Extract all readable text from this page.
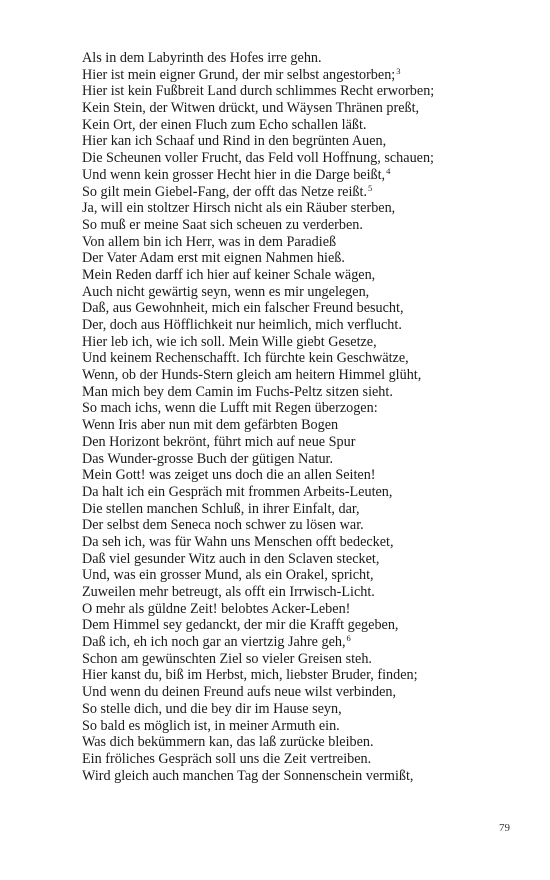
Als in dem Labyrinth des Hofes irre gehn.
Hier ist mein eigner Grund, der mir selbst angestorben;$^3$
Hier ist kein Fußbreit Land durch schlimmes Recht erworben;
Kein Stein, der Witwen drückt, und Wäysen Thränen preßt,
Kein Ort, der einen Fluch zum Echo schallen läßt.
Hier kan ich Schaaf und Rind in den begrünten Auen,
Die Scheunen voller Frucht, das Feld voll Hoffnung, schauen;
Und wenn kein grosser Hecht hier in die Darge beißt,$^4$
So gilt mein Giebel-Fang, der offt das Netze reißt.$^5$
Ja, will ein stoltzer Hirsch nicht als ein Räuber sterben,
So muß er meine Saat sich scheuen zu verderben.
Von allem bin ich Herr, was in dem Paradieß
Der Vater Adam erst mit eignen Nahmen hieß.
Mein Reden darff ich hier auf keiner Schale wägen,
Auch nicht gewärtig seyn, wenn es mir ungelegen,
Daß, aus Gewohnheit, mich ein falscher Freund besucht,
Der, doch aus Höfflichkeit nur heimlich, mich verflucht.
Hier leb ich, wie ich soll. Mein Wille giebt Gesetze,
Und keinem Rechenschafft. Ich fürchte kein Geschwätze,
Wenn, ob der Hunds-Stern gleich am heitern Himmel glüht,
Man mich bey dem Camin im Fuchs-Peltz sitzen sieht.
So mach ichs, wenn die Lufft mit Regen überzogen:
Wenn Iris aber nun mit dem gefärbten Bogen
Den Horizont bekrönt, führt mich auf neue Spur
Das Wunder-grosse Buch der gütigen Natur.
Mein Gott! was zeiget uns doch die an allen Seiten!
Da halt ich ein Gespräch mit frommen Arbeits-Leuten,
Die stellen manchen Schluß, in ihrer Einfalt, dar,
Der selbst dem Seneca noch schwer zu lösen war.
Da seh ich, was für Wahn uns Menschen offt bedecket,
Daß viel gesunder Witz auch in den Sclaven stecket,
Und, was ein grosser Mund, als ein Orakel, spricht,
Zuweilen mehr betreugt, als offt ein Irrwisch-Licht.
O mehr als güldne Zeit! belobtes Acker-Leben!
Dem Himmel sey gedanckt, der mir die Krafft gegeben,
Daß ich, eh ich noch gar an viertzig Jahre geh,$^6$
Schon am gewünschten Ziel so vieler Greisen steh.
Hier kanst du, biß im Herbst, mich, liebster Bruder, finden;
Und wenn du deinen Freund aufs neue wilst verbinden,
So stelle dich, und die bey dir im Hause seyn,
So bald es möglich ist, in meiner Armuth ein.
Was dich bekümmern kan, das laß zurücke bleiben.
Ein fröliches Gespräch soll uns die Zeit vertreiben.
Wird gleich auch manchen Tag der Sonnenschein vermißt,
79
